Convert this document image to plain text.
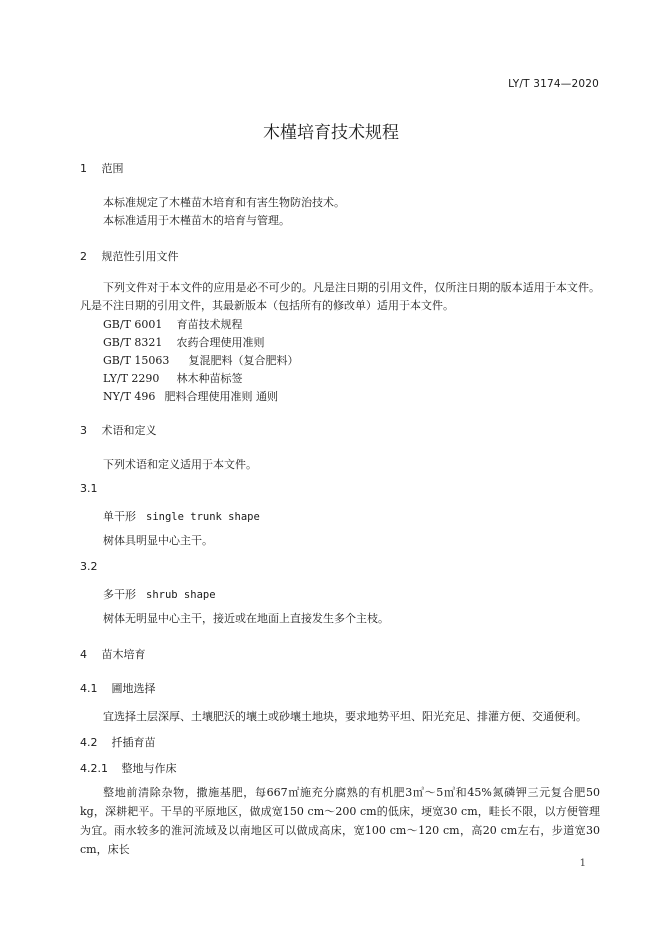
LY/T 3174—2020
木槿培育技术规程
1 范围
本标准规定了木槿苗木培育和有害生物防治技术。
本标准适用于木槿苗木的培育与管理。
2 规范性引用文件
下列文件对于本文件的应用是必不可少的。凡是注日期的引用文件，仅所注日期的版本适用于本文件。凡是不注日期的引用文件，其最新版本（包括所有的修改单）适用于本文件。
GB/T 6001 育苗技术规程
GB/T 8321 农药合理使用准则
GB/T 15063 复混肥料（复合肥料）
LY/T 2290 林木种苗标签
NY/T 496 肥料合理使用准则 通则
3 术语和定义
下列术语和定义适用于本文件。
3.1
单干形 single trunk shape
树体具明显中心主干。
3.2
多干形 shrub shape
树体无明显中心主干，接近或在地面上直接发生多个主枝。
4 苗木培育
4.1 圃地选择
宜选择土层深厚、土壤肥沃的壤土或砂壤土地块，要求地势平坦、阳光充足、排灌方便、交通便利。
4.2 扦插育苗
4.2.1 整地与作床
整地前清除杂物，撒施基肥，每667㎡施充分腐熟的有机肥3㎥～5㎥和45%氮磷钾三元复合肥50 kg，深耕耙平。干旱的平原地区，做成宽150 cm～200 cm的低床，埂宽30 cm，畦长不限，以方便管理为宜。雨水较多的淮河流域及以南地区可以做成高床，宽100 cm～120 cm，高20 cm左右，步道宽30 cm，床长
1
